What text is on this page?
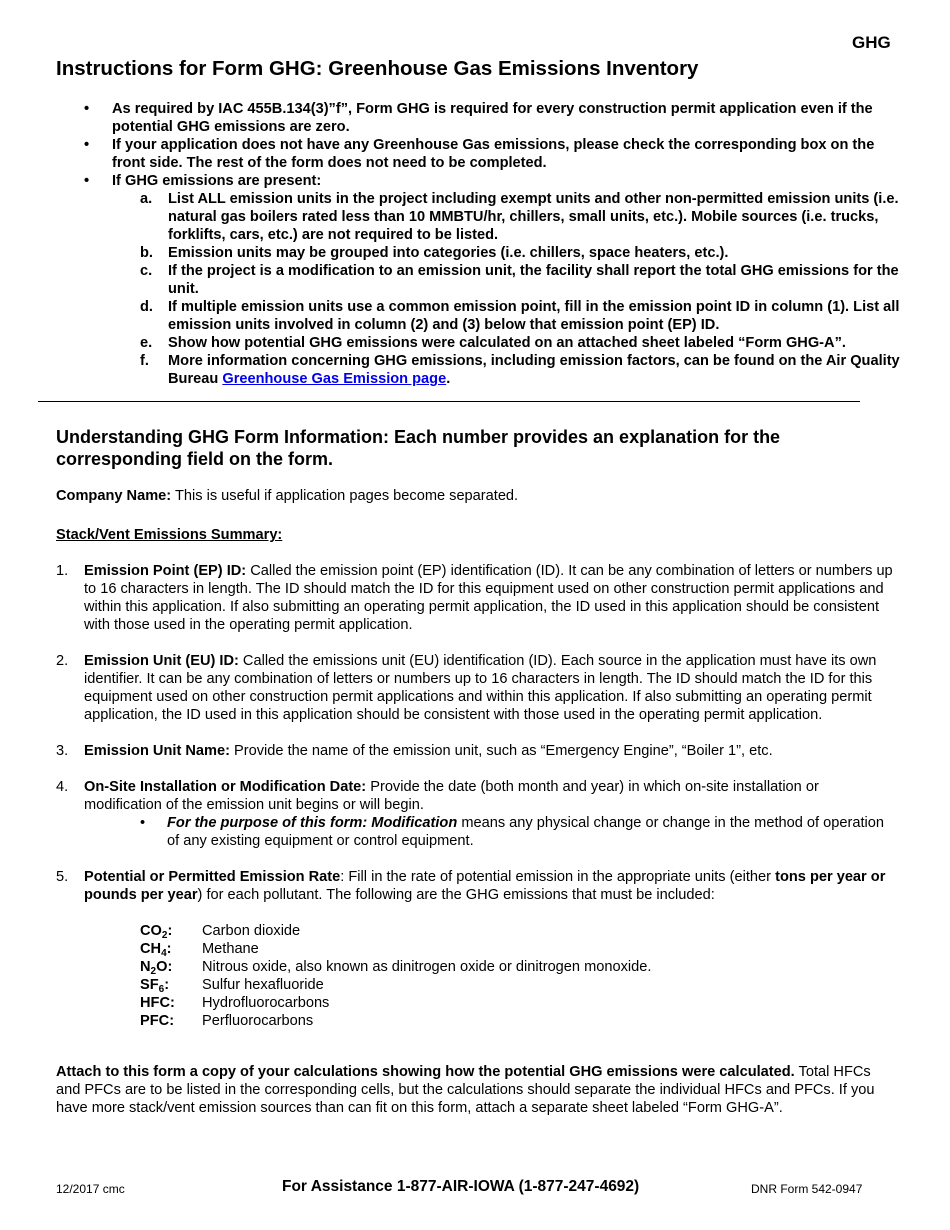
GHG
Instructions for Form GHG: Greenhouse Gas Emissions Inventory
• As required by IAC 455B.134(3)”f”, Form GHG is required for every construction permit application even if the potential GHG emissions are zero.
• If your application does not have any Greenhouse Gas emissions, please check the corresponding box on the front side. The rest of the form does not need to be completed.
• If GHG emissions are present:
a. List ALL emission units in the project including exempt units and other non-permitted emission units (i.e. natural gas boilers rated less than 10 MMBTU/hr, chillers, small units, etc.). Mobile sources (i.e. trucks, forklifts, cars, etc.) are not required to be listed.
b. Emission units may be grouped into categories (i.e. chillers, space heaters, etc.).
c. If the project is a modification to an emission unit, the facility shall report the total GHG emissions for the unit.
d. If multiple emission units use a common emission point, fill in the emission point ID in column (1). List all emission units involved in column (2) and (3) below that emission point (EP) ID.
e. Show how potential GHG emissions were calculated on an attached sheet labeled “Form GHG-A”.
f. More information concerning GHG emissions, including emission factors, can be found on the Air Quality Bureau Greenhouse Gas Emission page.
Understanding GHG Form Information: Each number provides an explanation for the corresponding field on the form.

Company Name: This is useful if application pages become separated.

Stack/Vent Emissions Summary:

1. Emission Point (EP) ID: Called the emission point (EP) identification (ID). It can be any combination of letters or numbers up to 16 characters in length. The ID should match the ID for this equipment used on other construction permit applications and within this application. If also submitting an operating permit application, the ID used in this application should be consistent with those used in the operating permit application.
2. Emission Unit (EU) ID: Called the emissions unit (EU) identification (ID). Each source in the application must have its own identifier. It can be any combination of letters or numbers up to 16 characters in length. The ID should match the ID for this equipment used on other construction permit applications and within this application. If also submitting an operating permit application, the ID used in this application should be consistent with those used in the operating permit application.
3. Emission Unit Name: Provide the name of the emission unit, such as “Emergency Engine”, “Boiler 1”, etc.
4. On-Site Installation or Modification Date: Provide the date (both month and year) in which on-site installation or modification of the emission unit begins or will begin.
• For the purpose of this form: Modification means any physical change or change in the method of operation of any existing equipment or control equipment.
5. Potential or Permitted Emission Rate: Fill in the rate of potential emission in the appropriate units (either tons per year or pounds per year) for each pollutant. The following are the GHG emissions that must be included:
$CO_2$:	Carbon dioxide
$CH_4$:	Methane
$N_2O$:	Nitrous oxide, also known as dinitrogen oxide or dinitrogen monoxide.
$SF_6$:	Sulfur hexafluoride
HFC:	Hydrofluorocarbons
PFC:	Perfluorocarbons

Attach to this form a copy of your calculations showing how the potential GHG emissions were calculated. Total HFCs and PFCs are to be listed in the corresponding cells, but the calculations should separate the individual HFCs and PFCs. If you have more stack/vent emission sources than can fit on this form, attach a separate sheet labeled “Form GHG-A”.

12/2017 cmc	For Assistance 1-877-AIR-IOWA (1-877-247-4692)	DNR Form 542-0947
